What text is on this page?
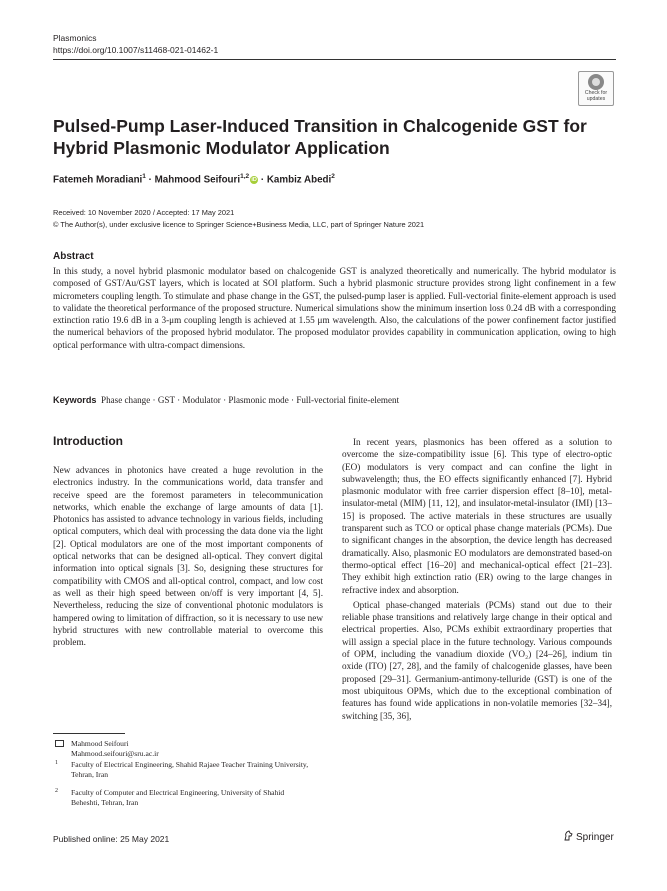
Plasmonics
https://doi.org/10.1007/s11468-021-01462-1
Check for
updates
Pulsed-Pump Laser-Induced Transition in Chalcogenide GST for Hybrid Plasmonic Modulator Application
Fatemeh Moradiani$^1$ · Mahmood Seifouri$^{1,2}$iD · Kambiz Abedi$^2$
Received: 10 November 2020 / Accepted: 17 May 2021
© The Author(s), under exclusive licence to Springer Science+Business Media, LLC, part of Springer Nature 2021
Abstract
In this study, a novel hybrid plasmonic modulator based on chalcogenide GST is analyzed theoretically and numerically. The hybrid modulator is composed of GST/Au/GST layers, which is located at SOI platform. Such a hybrid plasmonic structure provides strong light confinement in a few micrometers coupling length. To stimulate and phase change in the GST, the pulsed-pump laser is applied. Full-vectorial finite-element approach is used to validate the theoretical performance of the proposed structure. Numerical simulations show the minimum insertion loss 0.24 dB with a corresponding extinction ratio 19.6 dB in a 3-μm coupling length is achieved at 1.55 μm wavelength. Also, the calculations of the power confinement factor justified the numerical behaviors of the proposed hybrid modulator. The proposed modulator provides capability in communication application, owing to high optical performance with ultra-compact dimensions.
Keywords Phase change · GST · Modulator · Plasmonic mode · Full-vectorial finite-element
Introduction

New advances in photonics have created a huge revolution in the electronics industry. In the communications world, data transfer and receive speed are the foremost parameters in telecommunication networks, which enable the exchange of large amounts of data [1]. Photonics has assisted to advance technology in various fields, including optical computers, which deal with processing the data done via the light [2]. Optical modulators are one of the most important components of optical networks that can be designed all-optical. They convert digital information into optical signals [3]. So, designing these structures for compatibility with CMOS and all-optical control, compact, and low cost as well as their high speed between on/off is very important [4, 5]. Nevertheless, reducing the size of conventional photonic modulators is hampered owing to limitation of diffraction, so it is necessary to use new hybrid structures with new controllable material to overcome this problem.

In recent years, plasmonics has been offered as a solution to overcome the size-compatibility issue [6]. This type of electro-optic (EO) modulators is very compact and can confine the light in subwavelength; thus, the EO effects significantly enhanced [7]. Hybrid plasmonic modulator with free carrier dispersion effect [8–10], metal-insulator-metal (MIM) [11, 12], and insulator-metal-insulator (IMI) [13–15] is proposed. The active materials in these structures are usually transparent such as TCO or optical phase change materials (PCMs). Due to significant changes in the absorption, the device length has decreased dramatically. Also, plasmonic EO modulators are demonstrated based-on thermo-optical effect [16–20] and mechanical-optical effect [21–23]. They exhibit high extinction ratio (ER) owing to the large changes in refractive index and absorption.

Optical phase-changed materials (PCMs) stand out due to their reliable phase transitions and relatively large change in their optical and electrical properties. Also, PCMs exhibit extraordinary properties that will assign a special place in the future technology. Various compounds of OPM, including the vanadium dioxide (VO₂) [24–26], indium tin oxide (ITO) [27, 28], and the family of chalcogenide glasses, have been proposed [29–31]. Germanium-antimony-telluride (GST) is one of the most ubiquitous OPMs, which due to the exceptional combination of features has found wide applications in non-volatile memories [32–34], switching [35, 36],

Mahmood Seifouri
Mahmood.seifouri@sru.ac.ir
1 Faculty of Electrical Engineering, Shahid Rajaee Teacher Training University, Tehran, Iran
2 Faculty of Computer and Electrical Engineering, University of Shahid Beheshti, Tehran, Iran
Published online: 25 May 2021	Springer
